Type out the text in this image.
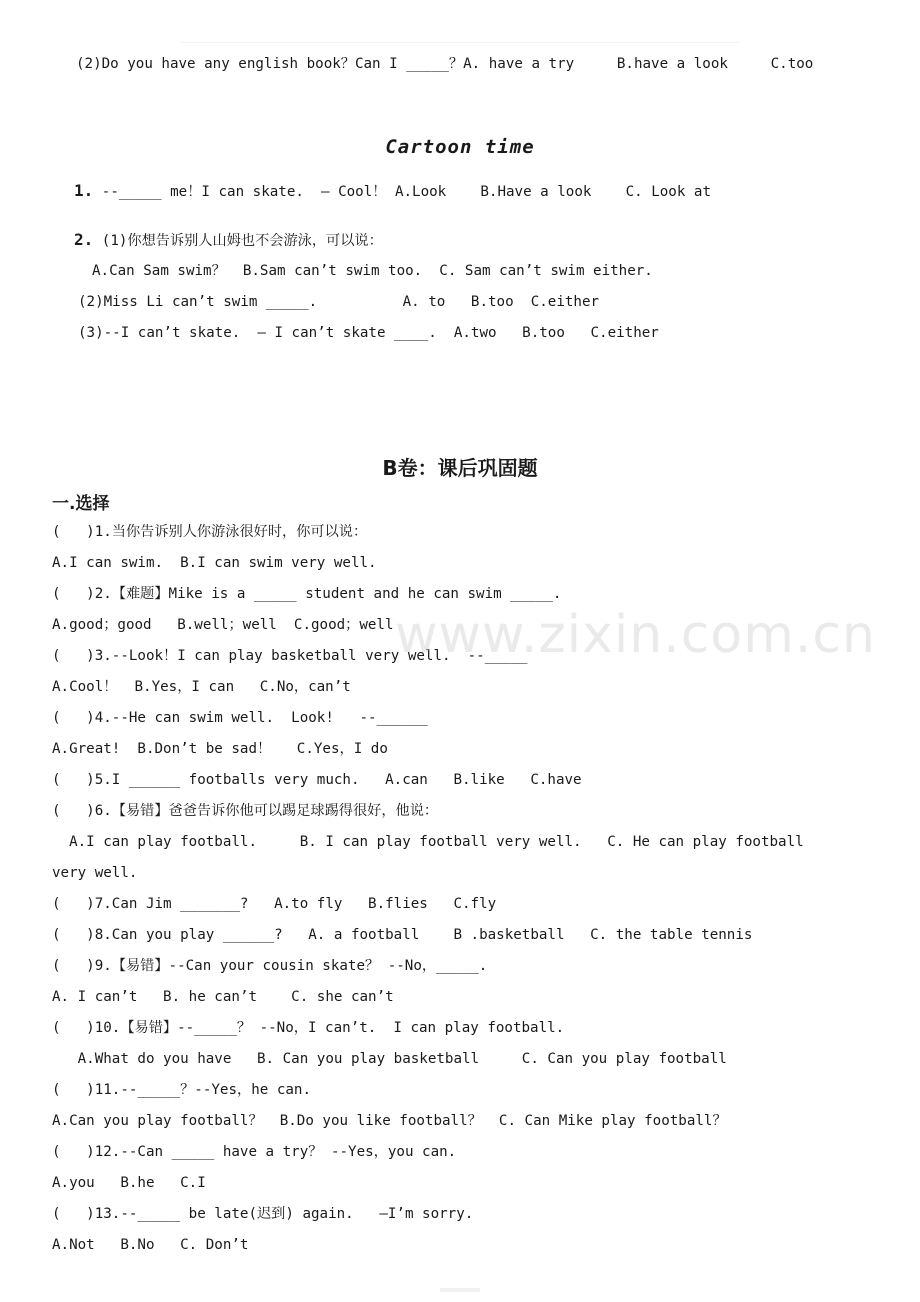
(2)Do you have any english book？Can I _____？A. have a try     B.have a look     C.too
Cartoon time
1. --_____ me！I can skate.  – Cool！ A.Look    B.Have a look    C. Look at
2. (1)你想告诉别人山姆也不会游泳，可以说：
A.Can Sam swim？  B.Sam can’t swim too.  C. Sam can’t swim either.
(2)Miss Li can’t swim _____.          A. to   B.too  C.either
(3)--I can’t skate.  – I can’t skate ____.  A.two   B.too   C.either
B卷：课后巩固题
一.选择
(   )1.当你告诉别人你游泳很好时，你可以说：
A.I can swim.  B.I can swim very well.
(   )2.【难题】Mike is a _____ student and he can swim _____.
A.good；good   B.well；well  C.good；well
(   )3.--Look！I can play basketball very well.  --_____
A.Cool！  B.Yes，I can   C.No，can’t
(   )4.--He can swim well.  Look!   --______
A.Great!  B.Don’t be sad！   C.Yes，I do
(   )5.I ______ footballs very much.   A.can   B.like   C.have
(   )6.【易错】爸爸告诉你他可以踢足球踢得很好，他说：
A.I can play football.     B. I can play football very well.   C. He can play football
very well.
(   )7.Can Jim _______?   A.to fly   B.flies   C.fly
(   )8.Can you play ______?   A. a football    B .basketball   C. the table tennis
(   )9.【易错】--Can your cousin skate？ --No，_____.
A. I can’t   B. he can’t    C. she can’t
(   )10.【易错】--_____？ --No，I can’t.  I can play football.
A.What do you have   B. Can you play basketball     C. Can you play football
(   )11.--_____？--Yes，he can.
A.Can you play football？  B.Do you like football？  C. Can Mike play football？
(   )12.--Can _____ have a try？ --Yes，you can.
A.you   B.he   C.I
(   )13.--_____ be late(迟到) again.   –I’m sorry.
A.Not   B.No   C. Don’t
www.zixin.com.cn
